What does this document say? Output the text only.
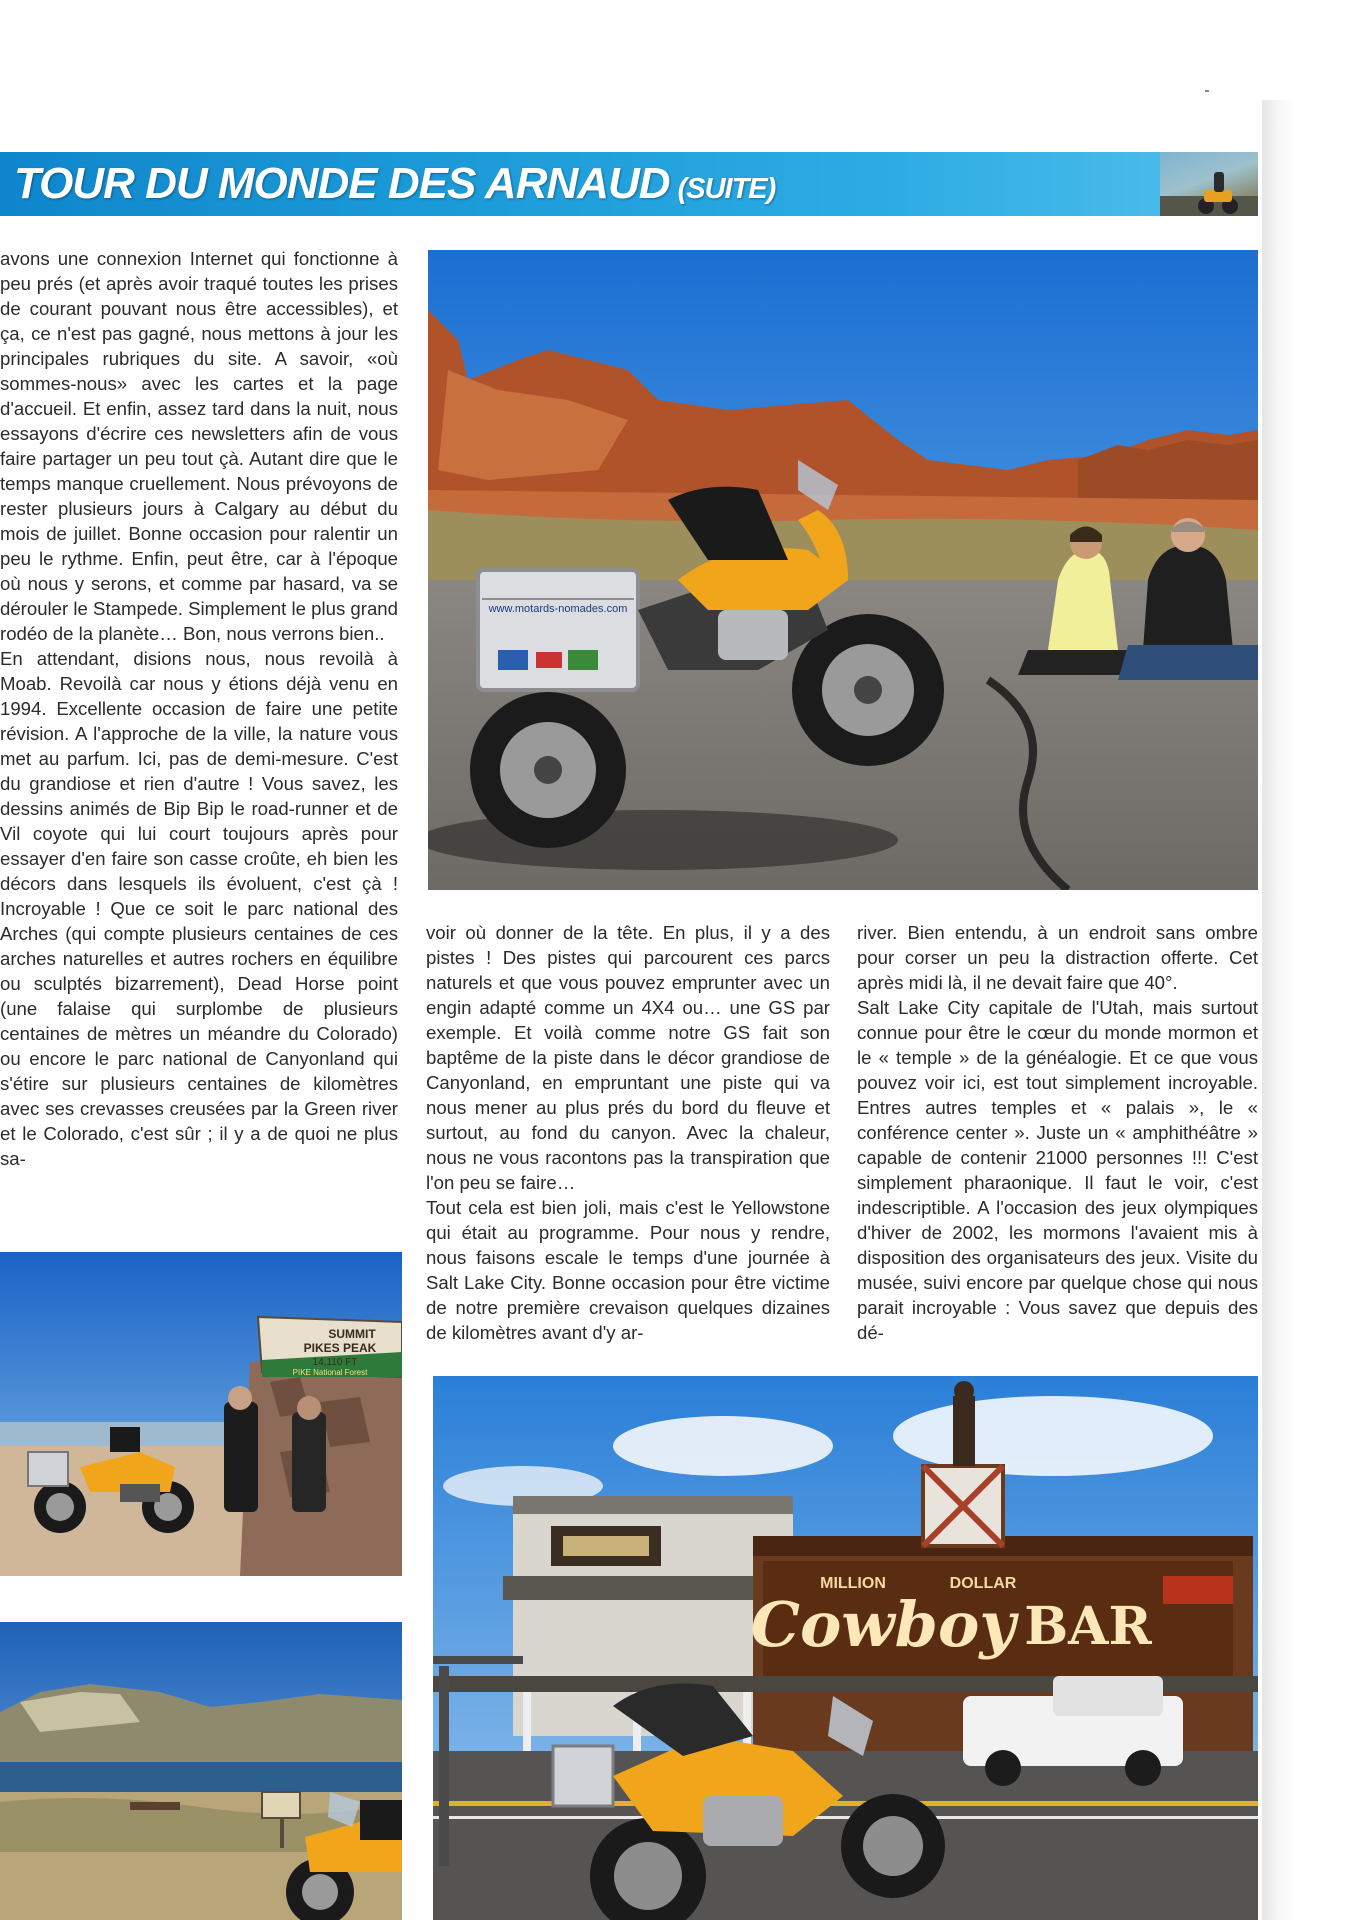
TOUR DU MONDE DES ARNAUD (SUITE)

avons une connexion Internet qui fonctionne à peu prés (et après avoir traqué toutes les prises de courant pouvant nous être accessibles), et ça, ce n'est pas gagné, nous mettons à jour les principales rubriques du site. A savoir, «où sommes-nous» avec les cartes et la page d'accueil. Et enfin, assez tard dans la nuit, nous essayons d'écrire ces newsletters afin de vous faire partager un peu tout çà. Autant dire que le temps manque cruellement. Nous prévoyons de rester plusieurs jours à Calgary au début du mois de juillet. Bonne occasion pour ralentir un peu le rythme. Enfin, peut être, car à l'époque où nous y serons, et comme par hasard, va se dérouler le Stampede. Simplement le plus grand rodéo de la planète… Bon, nous verrons bien..

En attendant, disions nous, nous revoilà à Moab. Revoilà car nous y étions déjà venu en 1994. Excellente occasion de faire une petite révision. A l'approche de la ville, la nature vous met au parfum. Ici, pas de demi-mesure. C'est du grandiose et rien d'autre ! Vous savez, les dessins animés de Bip Bip le road-runner et de Vil coyote qui lui court toujours après pour essayer d'en faire son casse croûte, eh bien les décors dans lesquels ils évoluent, c'est çà ! Incroyable ! Que ce soit le parc national des Arches (qui compte plusieurs centaines de ces arches naturelles et autres rochers en équilibre ou sculptés bizarrement), Dead Horse point (une falaise qui surplombe de plusieurs centaines de mètres un méandre du Colorado) ou encore le parc national de Canyonland qui s'étire sur plusieurs centaines de kilomètres avec ses crevasses creusées par la Green river et le Colorado, c'est sûr ; il y a de quoi ne plus sa-

www.motards-nomades.com
SUMMIT
PIKES PEAK
14,110 FT
PIKE National Forest

voir où donner de la tête. En plus, il y a des pistes ! Des pistes qui parcourent ces parcs naturels et que vous pouvez emprunter avec un engin adapté comme un 4X4 ou… une GS par exemple. Et voilà comme notre GS fait son baptême de la piste dans le décor grandiose de Canyonland, en empruntant une piste qui va nous mener au plus prés du bord du fleuve et surtout, au fond du canyon. Avec la chaleur, nous ne vous racontons pas la transpiration que l'on peu se faire…

Tout cela est bien joli, mais c'est le Yellowstone qui était au programme. Pour nous y rendre, nous faisons escale le temps d'une journée à Salt Lake City. Bonne occasion pour être victime de notre première crevaison quelques dizaines de kilomètres avant d'y ar-

river. Bien entendu, à un endroit sans ombre pour corser un peu la distraction offerte. Cet après midi là, il ne devait faire que 40°.

Salt Lake City capitale de l'Utah, mais surtout connue pour être le cœur du monde mormon et le « temple » de la généalogie. Et ce que vous pouvez voir ici, est tout simplement incroyable. Entres autres temples et « palais », le « conférence center ». Juste un « amphithéâtre » capable de contenir 21000 personnes !!! C'est simplement pharaonique. Il faut le voir, c'est indescriptible. A l'occasion des jeux olympiques d'hiver de 2002, les mormons l'avaient mis à disposition des organisateurs des jeux. Visite du musée, suivi encore par quelque chose qui nous parait incroyable : Vous savez que depuis des dé-

MILLION	DOLLAR
Cowboy BAR
